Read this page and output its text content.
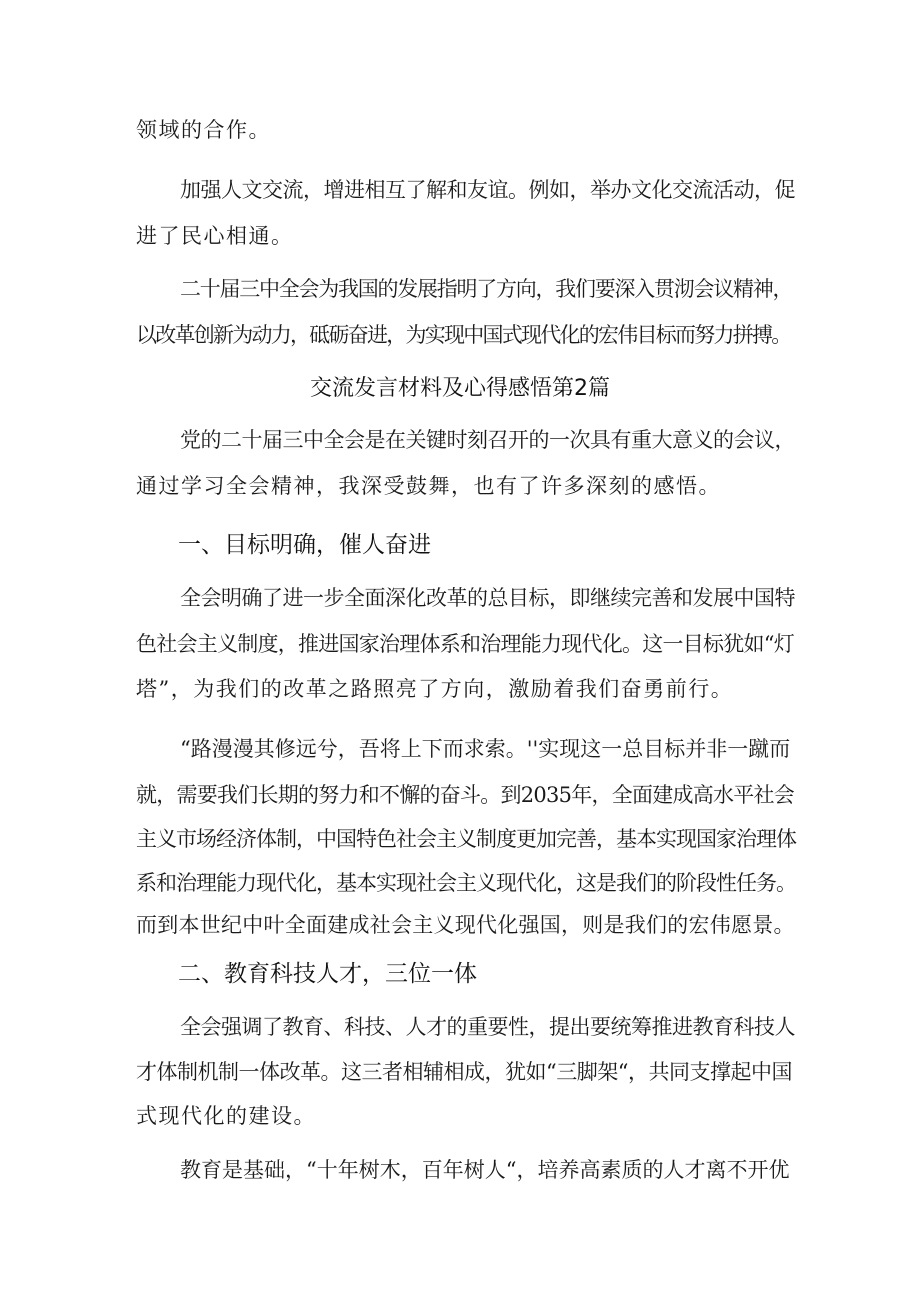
领域的合作。
加强人文交流，增进相互了解和友谊。例如，举办文化交流活动，促
进了民心相通。
二十届三中全会为我国的发展指明了方向，我们要深入贯沏会议精神，
以改革创新为动力，砥砺奋进，为实现中国式现代化的宏伟目标而努力拼搏。
交流发言材料及心得感悟第2篇
党的二十届三中全会是在关键时刻召开的一次具有重大意义的会议，
通过学习全会精神，我深受鼓舞，也有了许多深刻的感悟。
一、目标明确，催人奋进
全会明确了进一步全面深化改革的总目标，即继续完善和发展中国特
色社会主义制度，推进国家治理体系和治理能力现代化。这一目标犹如“灯
塔”，为我们的改革之路照亮了方向，激励着我们奋勇前行。
“路漫漫其修远兮，吾将上下而求索。''实现这一总目标并非一蹴而
就，需要我们长期的努力和不懈的奋斗。到2035年，全面建成高水平社会
主义市场经济体制，中国特色社会主义制度更加完善，基本实现国家治理体
系和治理能力现代化，基本实现社会主义现代化，这是我们的阶段性任务。
而到本世纪中叶全面建成社会主义现代化强国，则是我们的宏伟愿景。
二、教育科技人才，三位一体
全会强调了教育、科技、人才的重要性，提出要统筹推进教育科技人
才体制机制一体改革。这三者相辅相成，犹如“三脚架“，共同支撑起中国
式现代化的建设。
教育是基础，“十年树木，百年树人“，培养高素质的人才离不开优
